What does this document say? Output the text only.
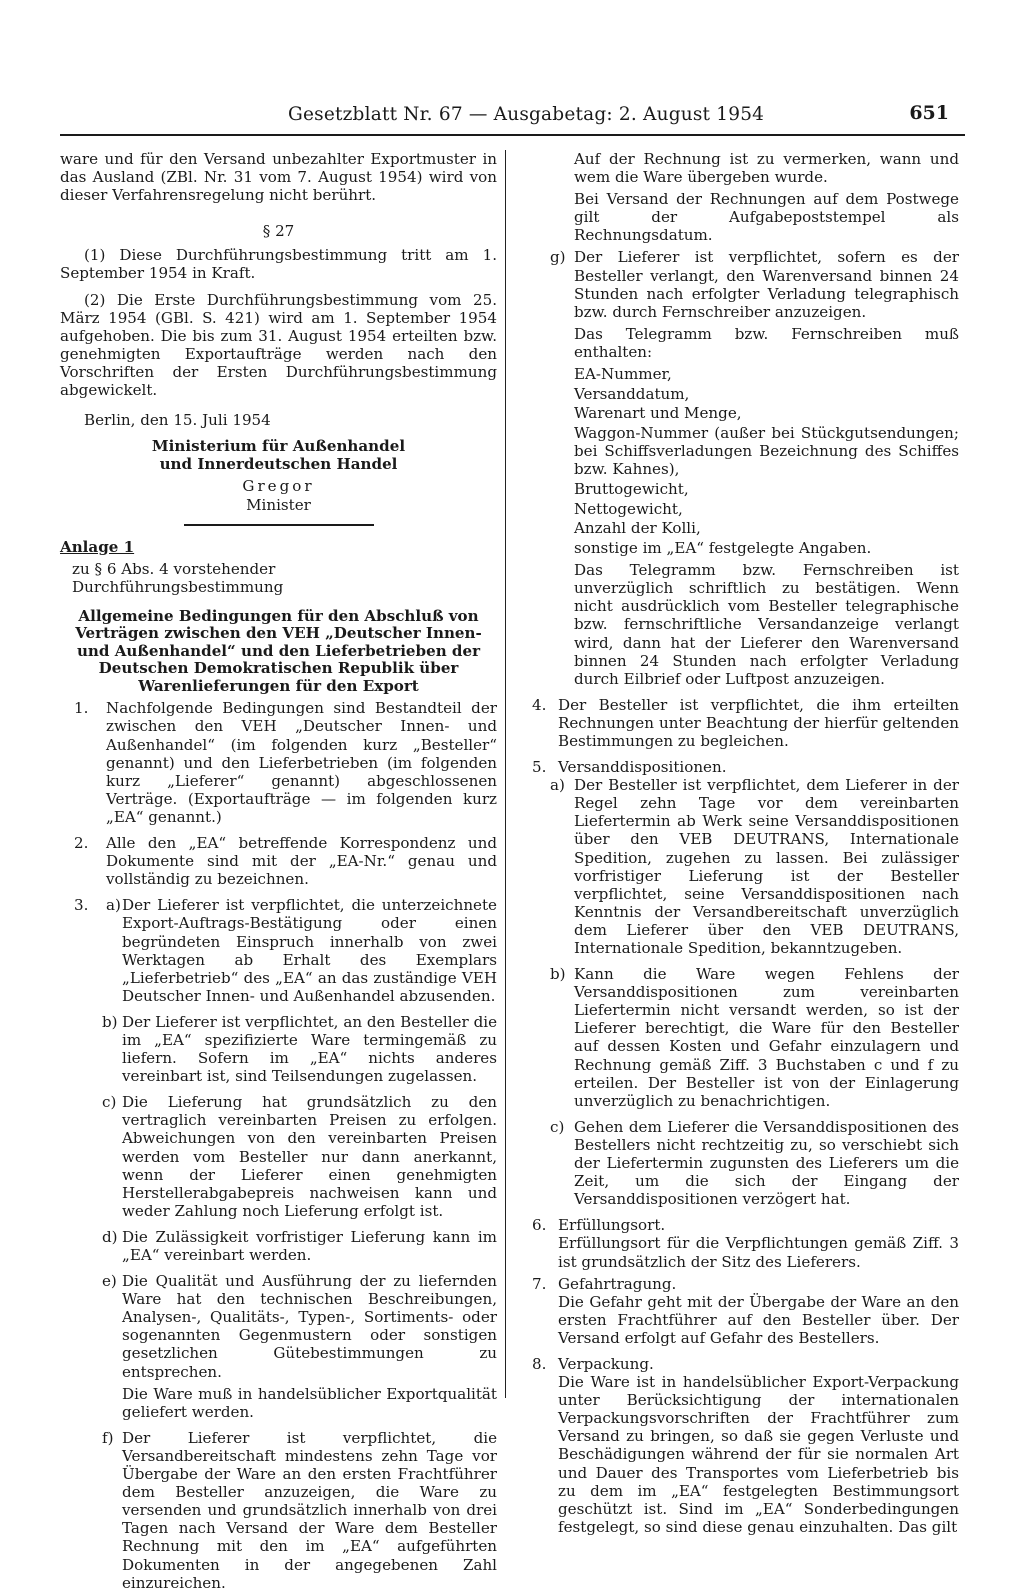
Gesetzblatt Nr. 67 — Ausgabetag: 2. August 1954	651

ware und für den Versand unbezahlter Exportmuster in das Ausland (ZBl. Nr. 31 vom 7. August 1954) wird von dieser Verfahrensregelung nicht berührt.

§ 27

(1) Diese Durchführungsbestimmung tritt am 1. September 1954 in Kraft.

(2) Die Erste Durchführungsbestimmung vom 25. März 1954 (GBl. S. 421) wird am 1. September 1954 aufgehoben. Die bis zum 31. August 1954 erteilten bzw. genehmigten Exportaufträge werden nach den Vorschriften der Ersten Durchführungsbestimmung abgewickelt.

Berlin, den 15. Juli 1954

Ministerium für Außenhandel

und Innerdeutschen Handel

Gregor

Minister

Anlage 1

zu § 6 Abs. 4 vorstehender

Durchführungsbestimmung

Allgemeine Bedingungen für den Abschluß von Verträgen zwischen den VEH „Deutscher Innen- und Außenhandel“ und den Lieferbetrieben der Deutschen Demokratischen Republik über Warenlieferungen für den Export

1. Nachfolgende Bedingungen sind Bestandteil der zwischen den VEH „Deutscher Innen- und Außenhandel“ (im folgenden kurz „Besteller“ genannt) und den Lieferbetrieben (im folgenden kurz „Lieferer“ genannt) abgeschlossenen Verträge. (Exportaufträge — im folgenden kurz „EA“ genannt.)

2. Alle den „EA“ betreffende Korrespondenz und Dokumente sind mit der „EA-Nr.“ genau und vollständig zu bezeichnen.

3. a) Der Lieferer ist verpflichtet, die unterzeichnete Export-Auftrags-Bestätigung oder einen begründeten Einspruch innerhalb von zwei Werktagen ab Erhalt des Exemplars „Lieferbetrieb“ des „EA“ an das zuständige VEH Deutscher Innen- und Außenhandel abzusenden.

b) Der Lieferer ist verpflichtet, an den Besteller die im „EA“ spezifizierte Ware termingemäß zu liefern. Sofern im „EA“ nichts anderes vereinbart ist, sind Teilsendungen zugelassen.

c) Die Lieferung hat grundsätzlich zu den vertraglich vereinbarten Preisen zu erfolgen. Abweichungen von den vereinbarten Preisen werden vom Besteller nur dann anerkannt, wenn der Lieferer einen genehmigten Herstellerabgabepreis nachweisen kann und weder Zahlung noch Lieferung erfolgt ist.

d) Die Zulässigkeit vorfristiger Lieferung kann im „EA“ vereinbart werden.

e) Die Qualität und Ausführung der zu liefernden Ware hat den technischen Beschreibungen, Analysen-, Qualitäts-, Typen-, Sortiments- oder sogenannten Gegenmustern oder sonstigen gesetzlichen Gütebestimmungen zu entsprechen.

Die Ware muß in handelsüblicher Exportqualität geliefert werden.

f) Der Lieferer ist verpflichtet, die Versandbereitschaft mindestens zehn Tage vor Übergabe der Ware an den ersten Frachtführer dem Besteller anzuzeigen, die Ware zu versenden und grundsätzlich innerhalb von drei Tagen nach Versand der Ware dem Besteller Rechnung mit den im „EA“ aufgeführten Dokumenten in der angegebenen Zahl einzureichen.

Auf der Rechnung ist zu vermerken, wann und wem die Ware übergeben wurde.

Bei Versand der Rechnungen auf dem Postwege gilt der Aufgabepoststempel als Rechnungsdatum.

g) Der Lieferer ist verpflichtet, sofern es der Besteller verlangt, den Warenversand binnen 24 Stunden nach erfolgter Verladung telegraphisch bzw. durch Fernschreiber anzuzeigen.

Das Telegramm bzw. Fernschreiben muß enthalten:

EA-Nummer,

Versanddatum,

Warenart und Menge,

Waggon-Nummer (außer bei Stückgutsendungen; bei Schiffsverladungen Bezeichnung des Schiffes bzw. Kahnes),

Bruttogewicht,

Nettogewicht,

Anzahl der Kolli,

sonstige im „EA“ festgelegte Angaben.

Das Telegramm bzw. Fernschreiben ist unverzüglich schriftlich zu bestätigen. Wenn nicht ausdrücklich vom Besteller telegraphische bzw. fernschriftliche Versandanzeige verlangt wird, dann hat der Lieferer den Warenversand binnen 24 Stunden nach erfolgter Verladung durch Eilbrief oder Luftpost anzuzeigen.

4. Der Besteller ist verpflichtet, die ihm erteilten Rechnungen unter Beachtung der hierfür geltenden Bestimmungen zu begleichen.

5. Versanddispositionen.

a) Der Besteller ist verpflichtet, dem Lieferer in der Regel zehn Tage vor dem vereinbarten Liefertermin ab Werk seine Versanddispositionen über den VEB DEUTRANS, Internationale Spedition, zugehen zu lassen. Bei zulässiger vorfristiger Lieferung ist der Besteller verpflichtet, seine Versanddispositionen nach Kenntnis der Versandbereitschaft unverzüglich dem Lieferer über den VEB DEUTRANS, Internationale Spedition, bekanntzugeben.

b) Kann die Ware wegen Fehlens der Versanddispositionen zum vereinbarten Liefertermin nicht versandt werden, so ist der Lieferer berechtigt, die Ware für den Besteller auf dessen Kosten und Gefahr einzulagern und Rechnung gemäß Ziff. 3 Buchstaben c und f zu erteilen. Der Besteller ist von der Einlagerung unverzüglich zu benachrichtigen.

c) Gehen dem Lieferer die Versanddispositionen des Bestellers nicht rechtzeitig zu, so verschiebt sich der Liefertermin zugunsten des Lieferers um die Zeit, um die sich der Eingang der Versanddispositionen verzögert hat.

6. Erfüllungsort.

Erfüllungsort für die Verpflichtungen gemäß Ziff. 3 ist grundsätzlich der Sitz des Lieferers.

7. Gefahrtragung.

Die Gefahr geht mit der Übergabe der Ware an den ersten Frachtführer auf den Besteller über. Der Versand erfolgt auf Gefahr des Bestellers.

8. Verpackung.

Die Ware ist in handelsüblicher Export-Verpackung unter Berücksichtigung der internationalen Verpackungsvorschriften der Frachtführer zum Versand zu bringen, so daß sie gegen Verluste und Beschädigungen während der für sie normalen Art und Dauer des Transportes vom Lieferbetrieb bis zu dem im „EA“ festgelegten Bestimmungsort geschützt ist. Sind im „EA“ Sonderbedingungen festgelegt, so sind diese genau einzuhalten. Das gilt
